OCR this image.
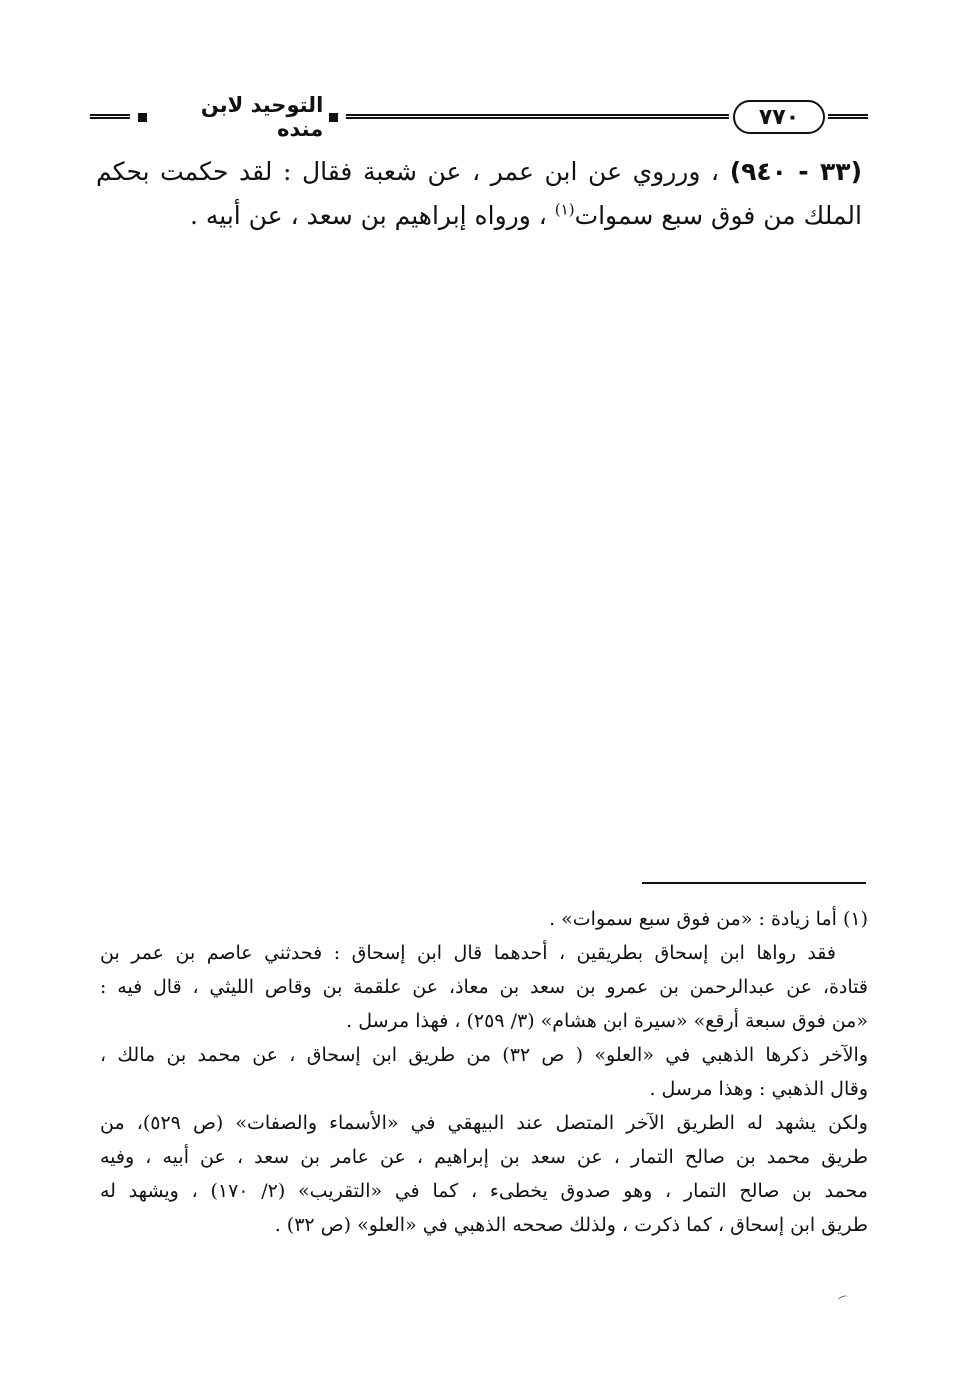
٧٧٠
التوحيد لابن منده
(٣٣ - ٩٤٠) ، ورروي عن ابن عمر ، عن شعبة فقال : لقد حكمت بحكم الملك من فوق سبع سموات$^{(١)}$ ، ورواه إبراهيم بن سعد ، عن أبيه .
(١) أما زيادة : «من فوق سبع سموات» .
فقد رواها ابن إسحاق بطريقين ، أحدهما قال ابن إسحاق : فحدثني عاصم بن عمر بن
قتادة، عن عبدالرحمن بن عمرو بن سعد بن معاذ، عن علقمة بن وقاص الليثي ، قال فيه :
«من فوق سبعة أرقع» «سيرة ابن هشام» (٣/ ٢٥٩) ، فهذا مرسل .
والآخر ذكرها الذهبي في «العلو» ( ص ٣٢) من طريق ابن إسحاق ، عن محمد بن مالك ،
وقال الذهبي : وهذا مرسل .
ولكن يشهد له الطريق الآخر المتصل عند البيهقي في «الأسماء والصفات» (ص ٥٢٩)، من
طريق محمد بن صالح التمار ، عن سعد بن إبراهيم ، عن عامر بن سعد ، عن أبيه ، وفيه
محمد بن صالح التمار ، وهو صدوق يخطىء ، كما في «التقريب» (٢/ ١٧٠) ، ويشهد له
طريق ابن إسحاق ، كما ذكرت ، ولذلك صححه الذهبي في «العلو» (ص ٣٢) .
